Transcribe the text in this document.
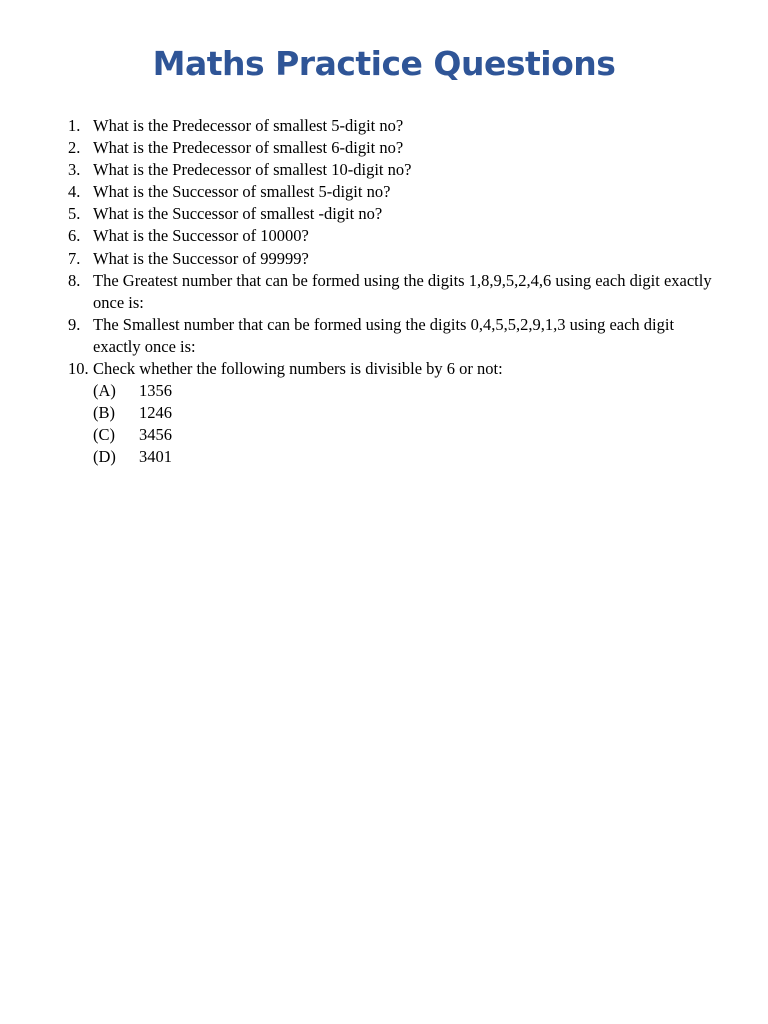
Maths Practice Questions
1. What is the Predecessor of smallest 5-digit no?
2. What is the Predecessor of smallest 6-digit no?
3. What is the Predecessor of smallest 10-digit no?
4. What is the Successor of smallest 5-digit no?
5. What is the Successor of smallest -digit no?
6. What is the Successor of 10000?
7. What is the Successor of 99999?
8. The Greatest number that can be formed using the digits 1,8,9,5,2,4,6 using each digit exactly once is:
9. The Smallest number that can be formed using the digits 0,4,5,5,2,9,1,3 using each digit exactly once is:
10. Check whether the following numbers is divisible by 6 or not:
(A)	1356
(B)	1246
(C)	3456
(D)	3401
